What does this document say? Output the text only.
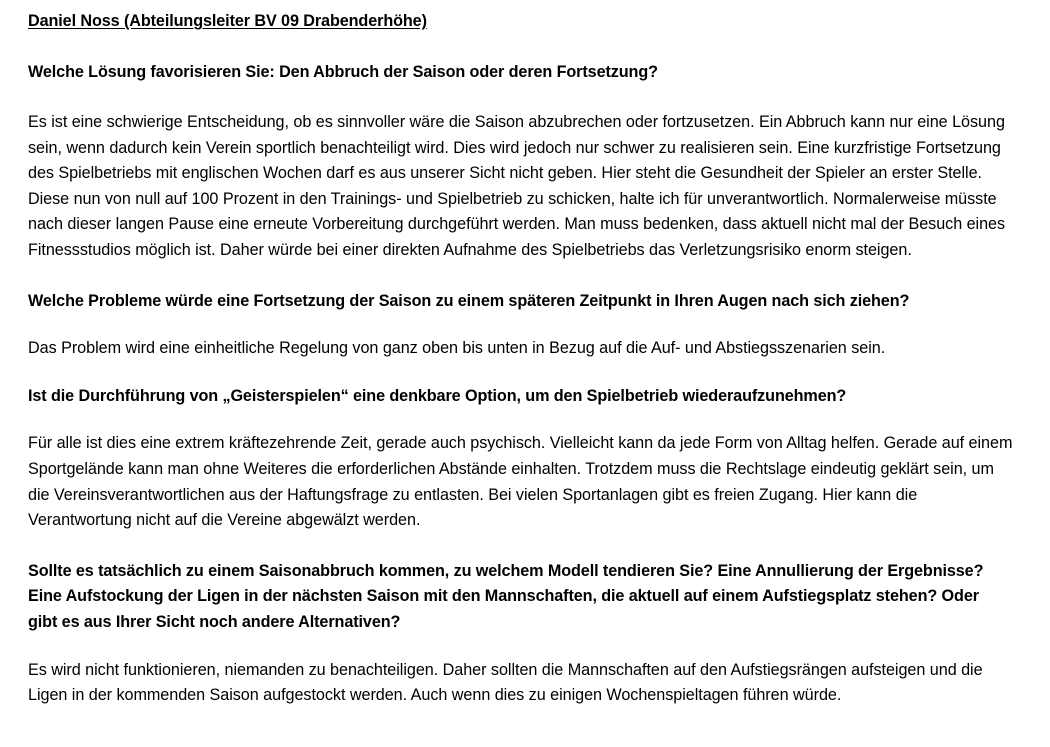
Daniel Noss (Abteilungsleiter BV 09 Drabenderhöhe)

Welche Lösung favorisieren Sie: Den Abbruch der Saison oder deren Fortsetzung?

Es ist eine schwierige Entscheidung, ob es sinnvoller wäre die Saison abzubrechen oder fortzusetzen. Ein Abbruch kann nur eine Lösung sein, wenn dadurch kein Verein sportlich benachteiligt wird. Dies wird jedoch nur schwer zu realisieren sein. Eine kurzfristige Fortsetzung des Spielbetriebs mit englischen Wochen darf es aus unserer Sicht nicht geben. Hier steht die Gesundheit der Spieler an erster Stelle. Diese nun von null auf 100 Prozent in den Trainings- und Spielbetrieb zu schicken, halte ich für unverantwortlich. Normalerweise müsste nach dieser langen Pause eine erneute Vorbereitung durchgeführt werden. Man muss bedenken, dass aktuell nicht mal der Besuch eines Fitnessstudios möglich ist. Daher würde bei einer direkten Aufnahme des Spielbetriebs das Verletzungsrisiko enorm steigen.

Welche Probleme würde eine Fortsetzung der Saison zu einem späteren Zeitpunkt in Ihren Augen nach sich ziehen?

Das Problem wird eine einheitliche Regelung von ganz oben bis unten in Bezug auf die Auf- und Abstiegsszenarien sein.

Ist die Durchführung von „Geisterspielen“ eine denkbare Option, um den Spielbetrieb wiederaufzunehmen?

Für alle ist dies eine extrem kräftezehrende Zeit, gerade auch psychisch. Vielleicht kann da jede Form von Alltag helfen. Gerade auf einem Sportgelände kann man ohne Weiteres die erforderlichen Abstände einhalten. Trotzdem muss die Rechtslage eindeutig geklärt sein, um die Vereinsverantwortlichen aus der Haftungsfrage zu entlasten. Bei vielen Sportanlagen gibt es freien Zugang. Hier kann die Verantwortung nicht auf die Vereine abgewälzt werden.

Sollte es tatsächlich zu einem Saisonabbruch kommen, zu welchem Modell tendieren Sie? Eine Annullierung der Ergebnisse? Eine Aufstockung der Ligen in der nächsten Saison mit den Mannschaften, die aktuell auf einem Aufstiegsplatz stehen? Oder gibt es aus Ihrer Sicht noch andere Alternativen?

Es wird nicht funktionieren, niemanden zu benachteiligen. Daher sollten die Mannschaften auf den Aufstiegsrängen aufsteigen und die Ligen in der kommenden Saison aufgestockt werden. Auch wenn dies zu einigen Wochenspieltagen führen würde.
